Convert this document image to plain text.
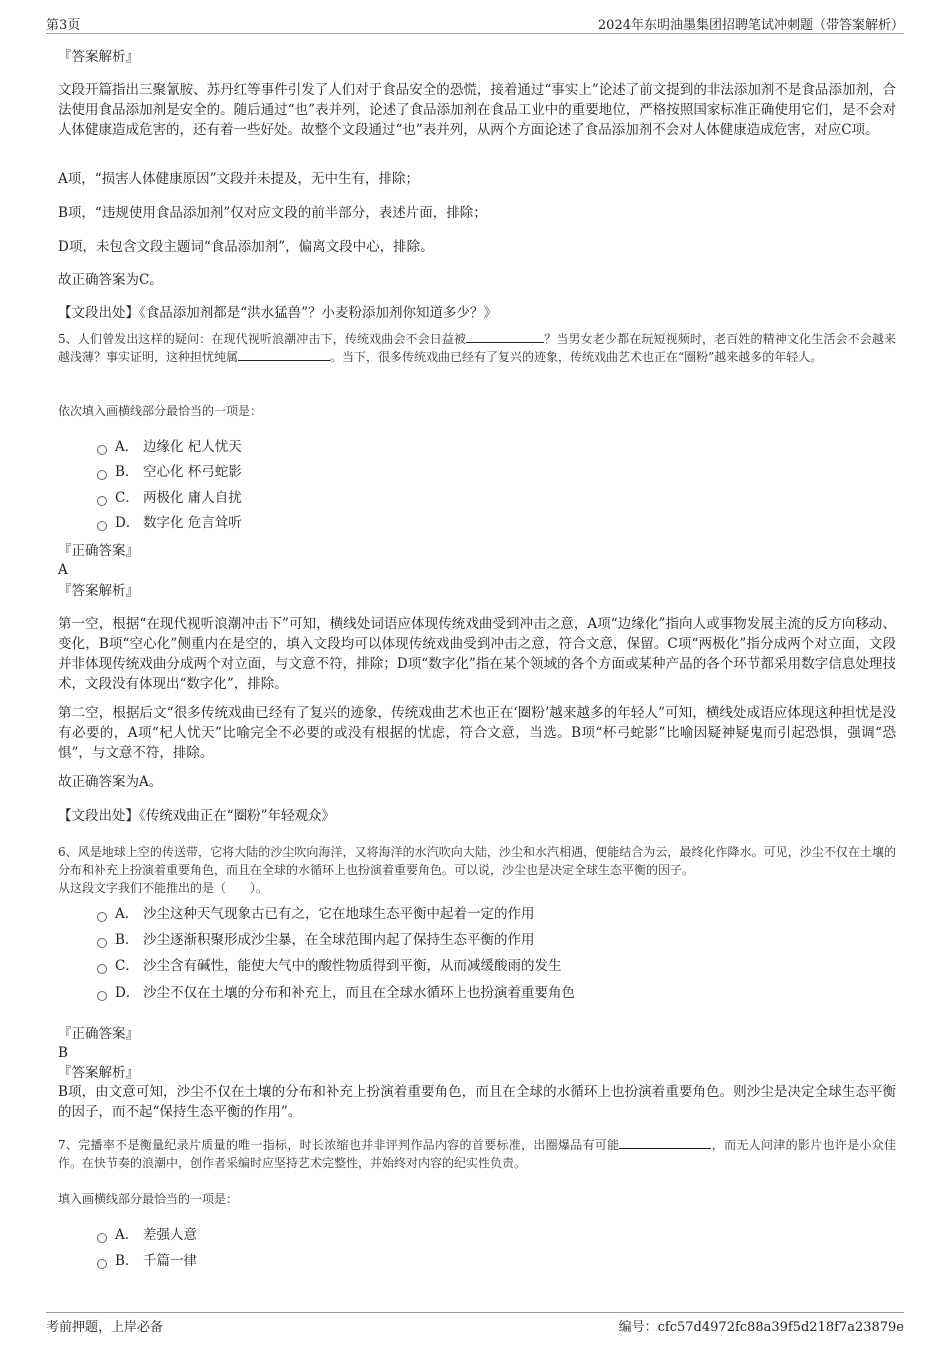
第3页	2024年东明油墨集团招聘笔试冲刺题（带答案解析）
『答案解析』
文段开篇指出三聚氰胺、苏丹红等事件引发了人们对于食品安全的恐慌，接着通过“事实上”论述了前文提到的非法添加剂不是食品添加剂，合法使用食品添加剂是安全的。随后通过“也”表并列，论述了食品添加剂在食品工业中的重要地位，严格按照国家标准正确使用它们，是不会对人体健康造成危害的，还有着一些好处。故整个文段通过“也”表并列，从两个方面论述了食品添加剂不会对人体健康造成危害，对应C项。
A项，“损害人体健康原因”文段并未提及，无中生有，排除；
B项，“违规使用食品添加剂”仅对应文段的前半部分，表述片面，排除；
D项，未包含文段主题词“食品添加剂”，偏离文段中心，排除。
故正确答案为C。
【文段出处】《食品添加剂都是“洪水猛兽”？小麦粉添加剂你知道多少？》
5、人们曾发出这样的疑问：在现代视听浪潮冲击下，传统戏曲会不会日益被	？当男女老少都在玩短视频时，老百姓的精神文化生活会不会越来越浅薄？事实证明，这种担忧纯属	。当下，很多传统戏曲已经有了复兴的迹象，传统戏曲艺术也正在“圈粉”越来越多的年轻人。
依次填入画横线部分最恰当的一项是：
A． 边缘化 杞人忧天
B． 空心化 杯弓蛇影
C． 两极化 庸人自扰
D． 数字化 危言耸听
『正确答案』
A
『答案解析』
第一空，根据“在现代视听浪潮冲击下”可知，横线处词语应体现传统戏曲受到冲击之意，A项“边缘化”指向人或事物发展主流的反方向移动、变化，B项“空心化”侧重内在是空的，填入文段均可以体现传统戏曲受到冲击之意，符合文意，保留。C项“两极化”指分成两个对立面，文段并非体现传统戏曲分成两个对立面，与文意不符，排除；D项“数字化”指在某个领域的各个方面或某种产品的各个环节都采用数字信息处理技术，文段没有体现出“数字化”，排除。
第二空，根据后文“很多传统戏曲已经有了复兴的迹象，传统戏曲艺术也正在‘圈粉’越来越多的年轻人”可知，横线处成语应体现这种担忧是没有必要的，A项“杞人忧天”比喻完全不必要的或没有根据的忧虑，符合文意，当选。B项“杯弓蛇影”比喻因疑神疑鬼而引起恐惧，强调“恐惧”，与文意不符，排除。
故正确答案为A。
【文段出处】《传统戏曲正在“圈粉”年轻观众》
6、风是地球上空的传送带，它将大陆的沙尘吹向海洋，又将海洋的水汽吹向大陆，沙尘和水汽相遇，便能结合为云，最终化作降水。可见，沙尘不仅在土壤的分布和补充上扮演着重要角色，而且在全球的水循环上也扮演着重要角色。可以说，沙尘也是决定全球生态平衡的因子。
从这段文字我们不能推出的是（　　）。
A． 沙尘这种天气现象古已有之，它在地球生态平衡中起着一定的作用
B． 沙尘逐渐积聚形成沙尘暴，在全球范围内起了保持生态平衡的作用
C． 沙尘含有碱性，能使大气中的酸性物质得到平衡，从而减缓酸雨的发生
D． 沙尘不仅在土壤的分布和补充上，而且在全球水循环上也扮演着重要角色
『正确答案』
B
『答案解析』
B项，由文意可知，沙尘不仅在土壤的分布和补充上扮演着重要角色，而且在全球的水循环上也扮演着重要角色。则沙尘是决定全球生态平衡的因子，而不起“保持生态平衡的作用”。
7、完播率不是衡量纪录片质量的唯一指标，时长浓缩也并非评判作品内容的首要标准，出圈爆品有可能	，而无人问津的影片也许是小众佳作。在快节奏的浪潮中，创作者采编时应坚持艺术完整性，并始终对内容的纪实性负责。
填入画横线部分最恰当的一项是：
A． 差强人意
B． 千篇一律
考前押题，上岸必备	编号：cfc57d4972fc88a39f5d218f7a23879e
